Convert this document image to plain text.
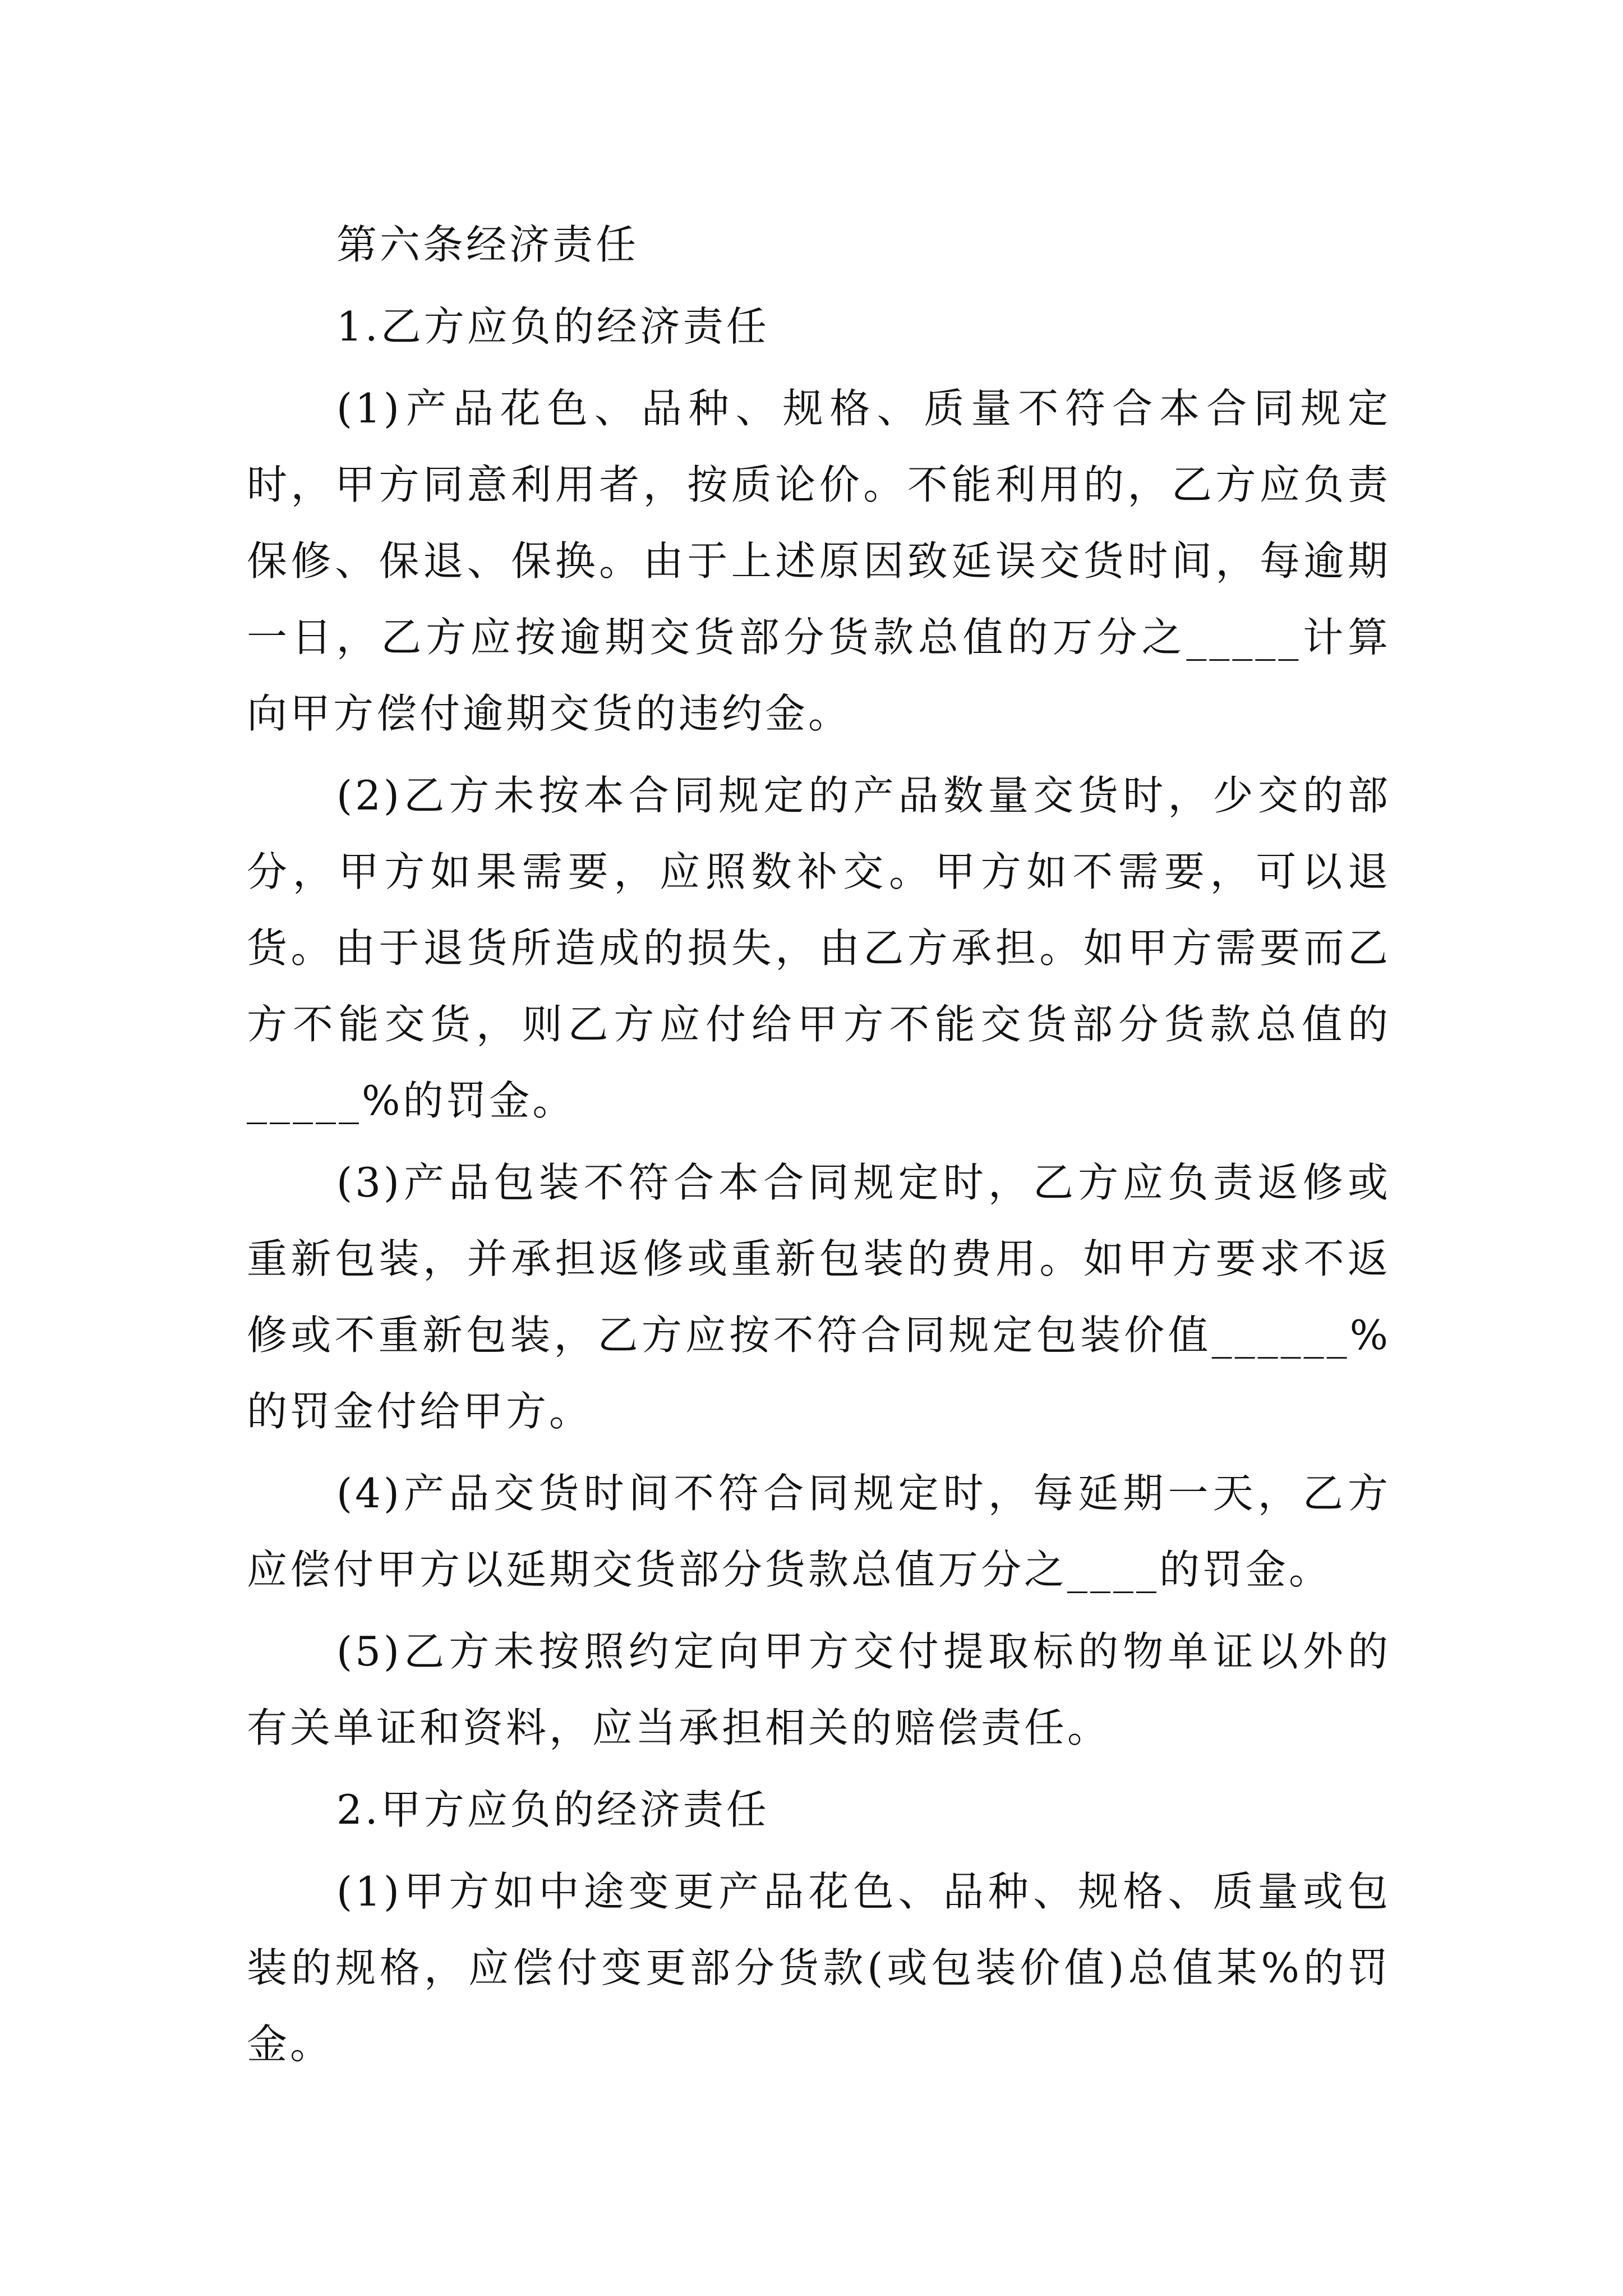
第六条经济责任

1.乙方应负的经济责任

(1)产品花色、品种、规格、质量不符合本合同规定时，甲方同意利用者，按质论价。不能利用的，乙方应负责保修、保退、保换。由于上述原因致延误交货时间，每逾期一日，乙方应按逾期交货部分货款总值的万分之_____计算向甲方偿付逾期交货的违约金。

(2)乙方未按本合同规定的产品数量交货时，少交的部分，甲方如果需要，应照数补交。甲方如不需要，可以退货。由于退货所造成的损失，由乙方承担。如甲方需要而乙方不能交货，则乙方应付给甲方不能交货部分货款总值的_____%的罚金。

(3)产品包装不符合本合同规定时，乙方应负责返修或重新包装，并承担返修或重新包装的费用。如甲方要求不返修或不重新包装，乙方应按不符合同规定包装价值______%的罚金付给甲方。

(4)产品交货时间不符合同规定时，每延期一天，乙方应偿付甲方以延期交货部分货款总值万分之____的罚金。

(5)乙方未按照约定向甲方交付提取标的物单证以外的有关单证和资料，应当承担相关的赔偿责任。

2.甲方应负的经济责任

(1)甲方如中途变更产品花色、品种、规格、质量或包装的规格，应偿付变更部分货款(或包装价值)总值某%的罚金。
